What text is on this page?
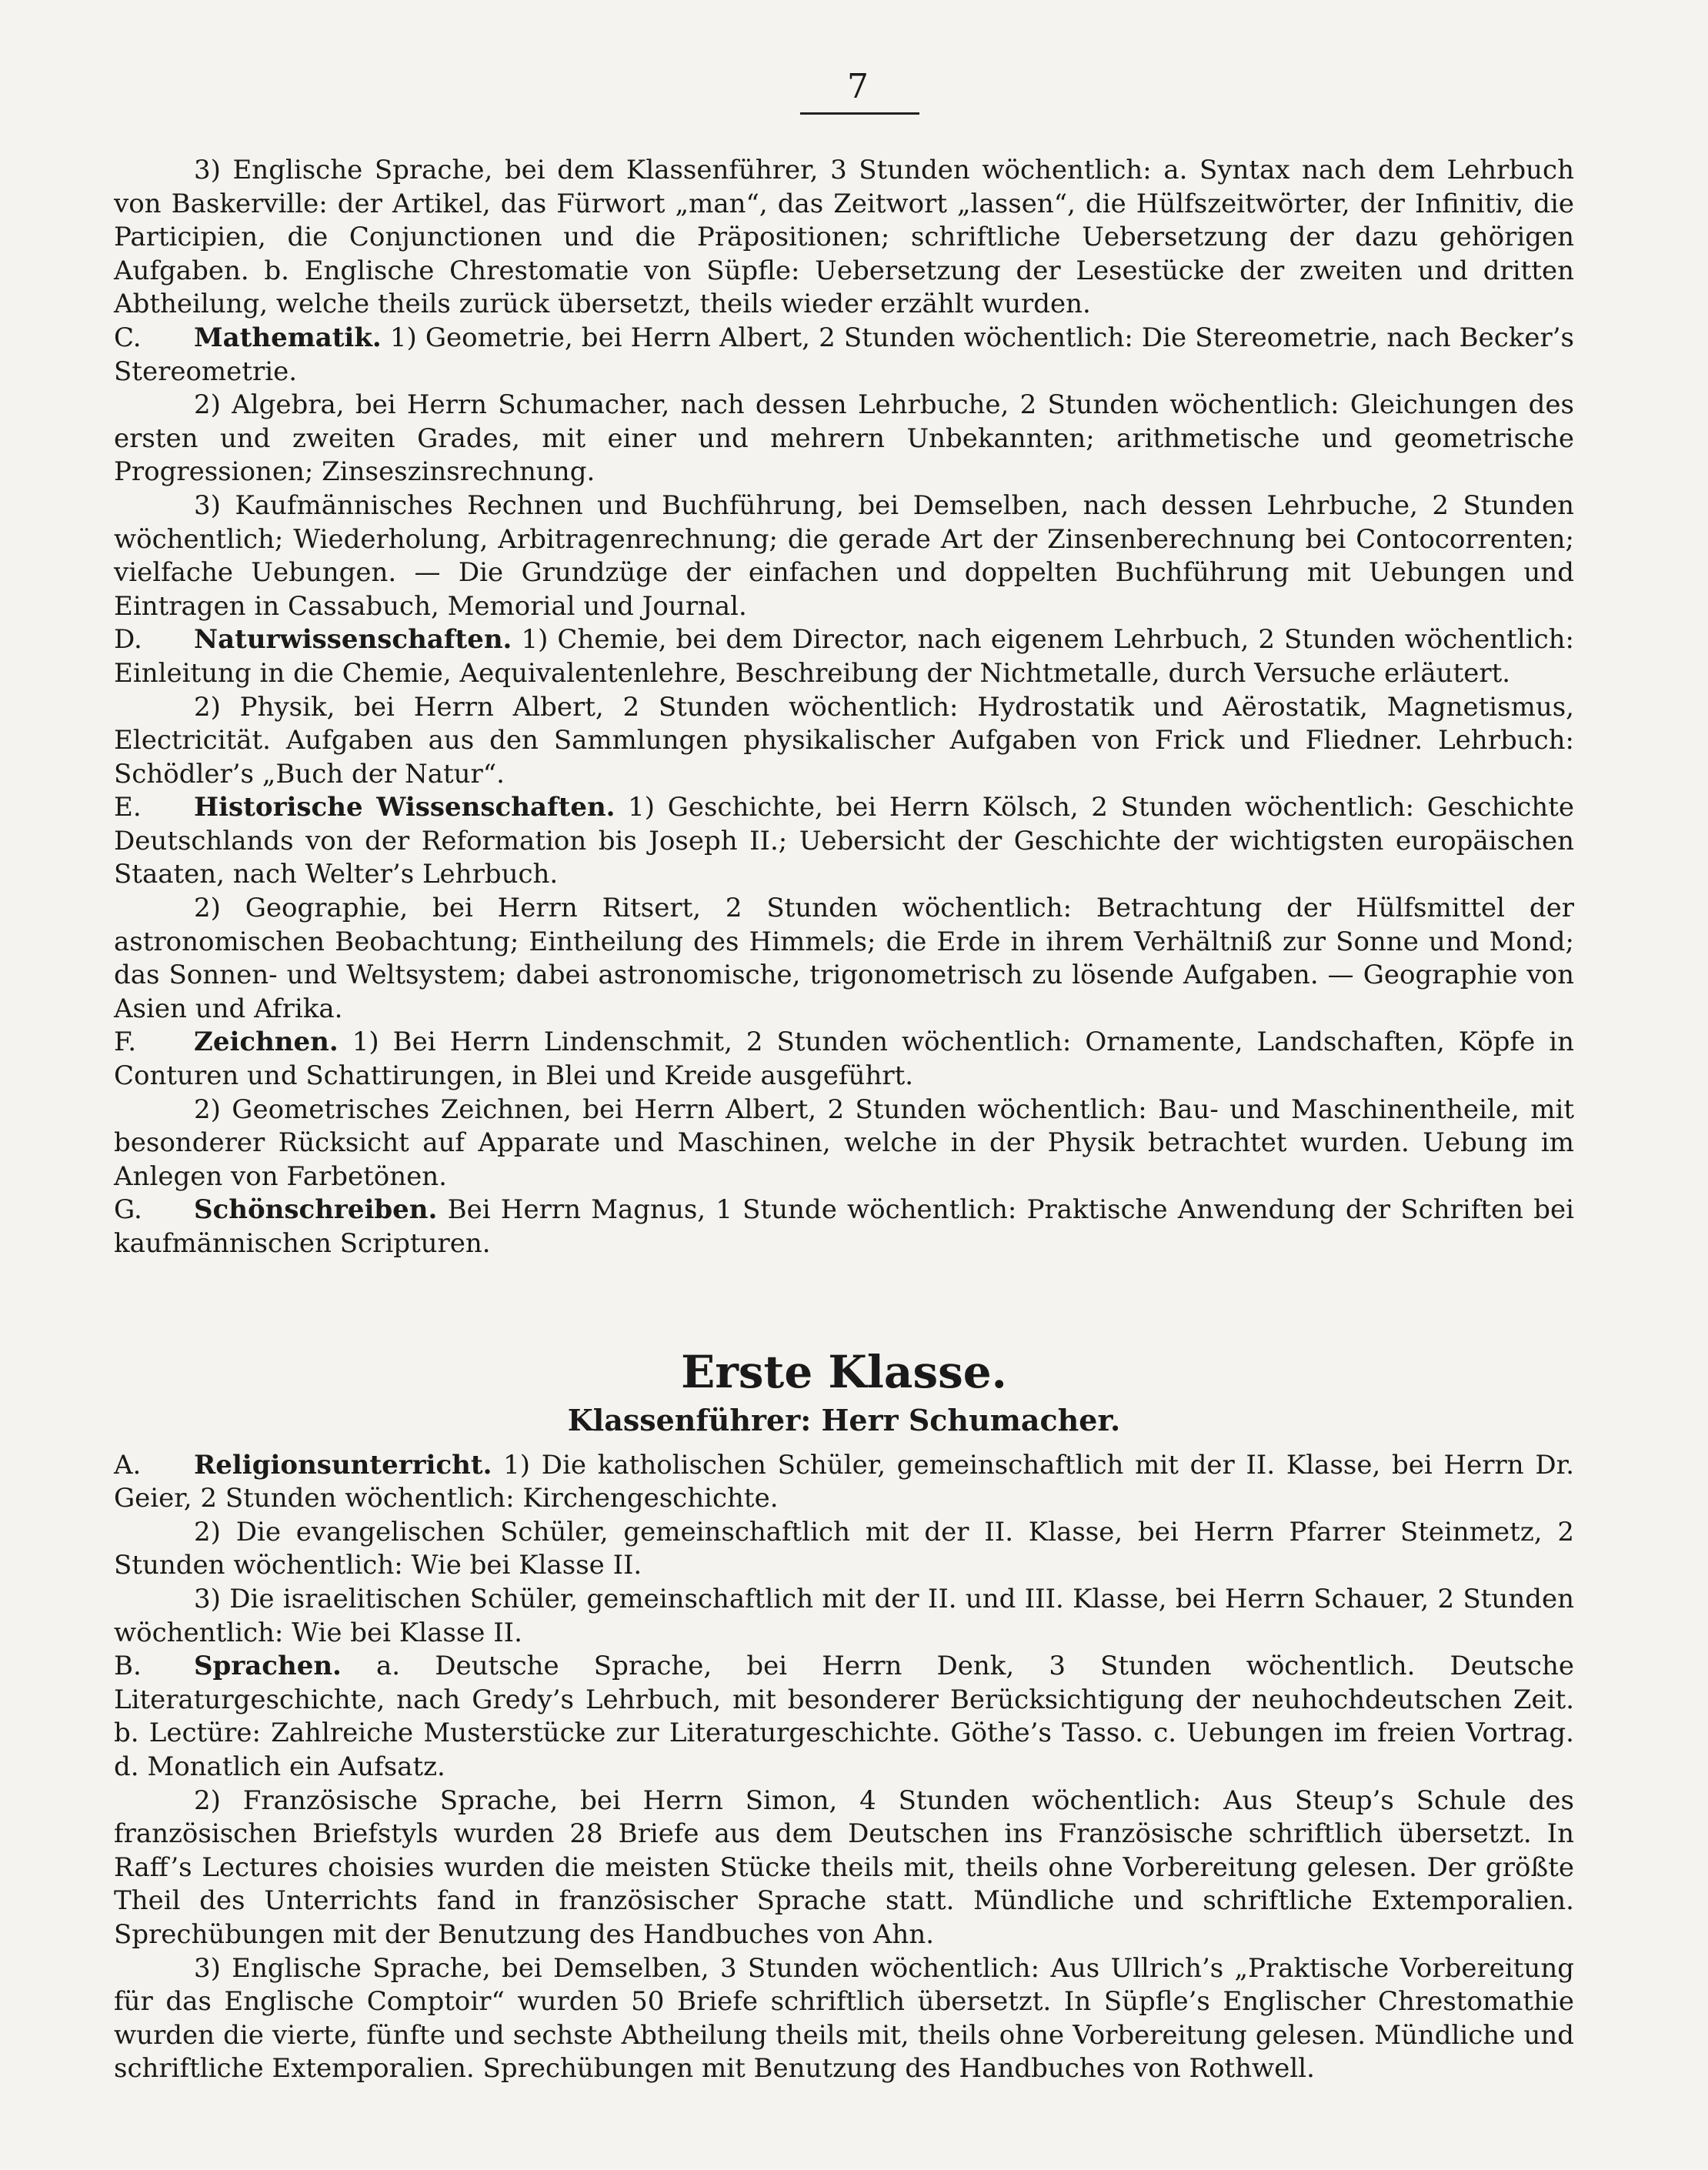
7

3) Englische Sprache, bei dem Klassenführer, 3 Stunden wöchentlich: a. Syntax nach dem Lehrbuch von Baskerville: der Artikel, das Fürwort „man“, das Zeitwort „lassen“, die Hülfszeitwörter, der Infinitiv, die Participien, die Conjunctionen und die Präpositionen; schriftliche Uebersetzung der dazu gehörigen Aufgaben. b. Englische Chrestomatie von Süpfle: Uebersetzung der Lesestücke der zweiten und dritten Abtheilung, welche theils zurück übersetzt, theils wieder erzählt wurden.

C. Mathematik. 1) Geometrie, bei Herrn Albert, 2 Stunden wöchentlich: Die Stereometrie, nach Becker’s Stereometrie.

2) Algebra, bei Herrn Schumacher, nach dessen Lehrbuche, 2 Stunden wöchentlich: Gleichungen des ersten und zweiten Grades, mit einer und mehrern Unbekannten; arithmetische und geometrische Progressionen; Zinseszinsrechnung.

3) Kaufmännisches Rechnen und Buchführung, bei Demselben, nach dessen Lehrbuche, 2 Stunden wöchentlich; Wiederholung, Arbitragenrechnung; die gerade Art der Zinsenberechnung bei Contocorrenten; vielfache Uebungen. — Die Grundzüge der einfachen und doppelten Buchführung mit Uebungen und Eintragen in Cassabuch, Memorial und Journal.

D. Naturwissenschaften. 1) Chemie, bei dem Director, nach eigenem Lehrbuch, 2 Stunden wöchentlich: Einleitung in die Chemie, Aequivalentenlehre, Beschreibung der Nichtmetalle, durch Versuche erläutert.

2) Physik, bei Herrn Albert, 2 Stunden wöchentlich: Hydrostatik und Aërostatik, Magnetismus, Electricität. Aufgaben aus den Sammlungen physikalischer Aufgaben von Frick und Fliedner. Lehrbuch: Schödler’s „Buch der Natur“.

E. Historische Wissenschaften. 1) Geschichte, bei Herrn Kölsch, 2 Stunden wöchentlich: Geschichte Deutschlands von der Reformation bis Joseph II.; Uebersicht der Geschichte der wichtigsten europäischen Staaten, nach Welter’s Lehrbuch.

2) Geographie, bei Herrn Ritsert, 2 Stunden wöchentlich: Betrachtung der Hülfsmittel der astronomischen Beobachtung; Eintheilung des Himmels; die Erde in ihrem Verhältniß zur Sonne und Mond; das Sonnen- und Weltsystem; dabei astronomische, trigonometrisch zu lösende Aufgaben. — Geographie von Asien und Afrika.

F. Zeichnen. 1) Bei Herrn Lindenschmit, 2 Stunden wöchentlich: Ornamente, Landschaften, Köpfe in Conturen und Schattirungen, in Blei und Kreide ausgeführt.

2) Geometrisches Zeichnen, bei Herrn Albert, 2 Stunden wöchentlich: Bau- und Maschinentheile, mit besonderer Rücksicht auf Apparate und Maschinen, welche in der Physik betrachtet wurden. Uebung im Anlegen von Farbetönen.

G. Schönschreiben. Bei Herrn Magnus, 1 Stunde wöchentlich: Praktische Anwendung der Schriften bei kaufmännischen Scripturen.

Erste Klasse.
Klassenführer: Herr Schumacher.

A. Religionsunterricht. 1) Die katholischen Schüler, gemeinschaftlich mit der II. Klasse, bei Herrn Dr. Geier, 2 Stunden wöchentlich: Kirchengeschichte.

2) Die evangelischen Schüler, gemeinschaftlich mit der II. Klasse, bei Herrn Pfarrer Steinmetz, 2 Stunden wöchentlich: Wie bei Klasse II.

3) Die israelitischen Schüler, gemeinschaftlich mit der II. und III. Klasse, bei Herrn Schauer, 2 Stunden wöchentlich: Wie bei Klasse II.

B. Sprachen. a. Deutsche Sprache, bei Herrn Denk, 3 Stunden wöchentlich. Deutsche Literaturgeschichte, nach Gredy’s Lehrbuch, mit besonderer Berücksichtigung der neuhochdeutschen Zeit. b. Lectüre: Zahlreiche Musterstücke zur Literaturgeschichte. Göthe’s Tasso. c. Uebungen im freien Vortrag. d. Monatlich ein Aufsatz.

2) Französische Sprache, bei Herrn Simon, 4 Stunden wöchentlich: Aus Steup’s Schule des französischen Briefstyls wurden 28 Briefe aus dem Deutschen ins Französische schriftlich übersetzt. In Raff’s Lectures choisies wurden die meisten Stücke theils mit, theils ohne Vorbereitung gelesen. Der größte Theil des Unterrichts fand in französischer Sprache statt. Mündliche und schriftliche Extemporalien. Sprechübungen mit der Benutzung des Handbuches von Ahn.

3) Englische Sprache, bei Demselben, 3 Stunden wöchentlich: Aus Ullrich’s „Praktische Vorbereitung für das Englische Comptoir“ wurden 50 Briefe schriftlich übersetzt. In Süpfle’s Englischer Chrestomathie wurden die vierte, fünfte und sechste Abtheilung theils mit, theils ohne Vorbereitung gelesen. Mündliche und schriftliche Extemporalien. Sprechübungen mit Benutzung des Handbuches von Rothwell.
